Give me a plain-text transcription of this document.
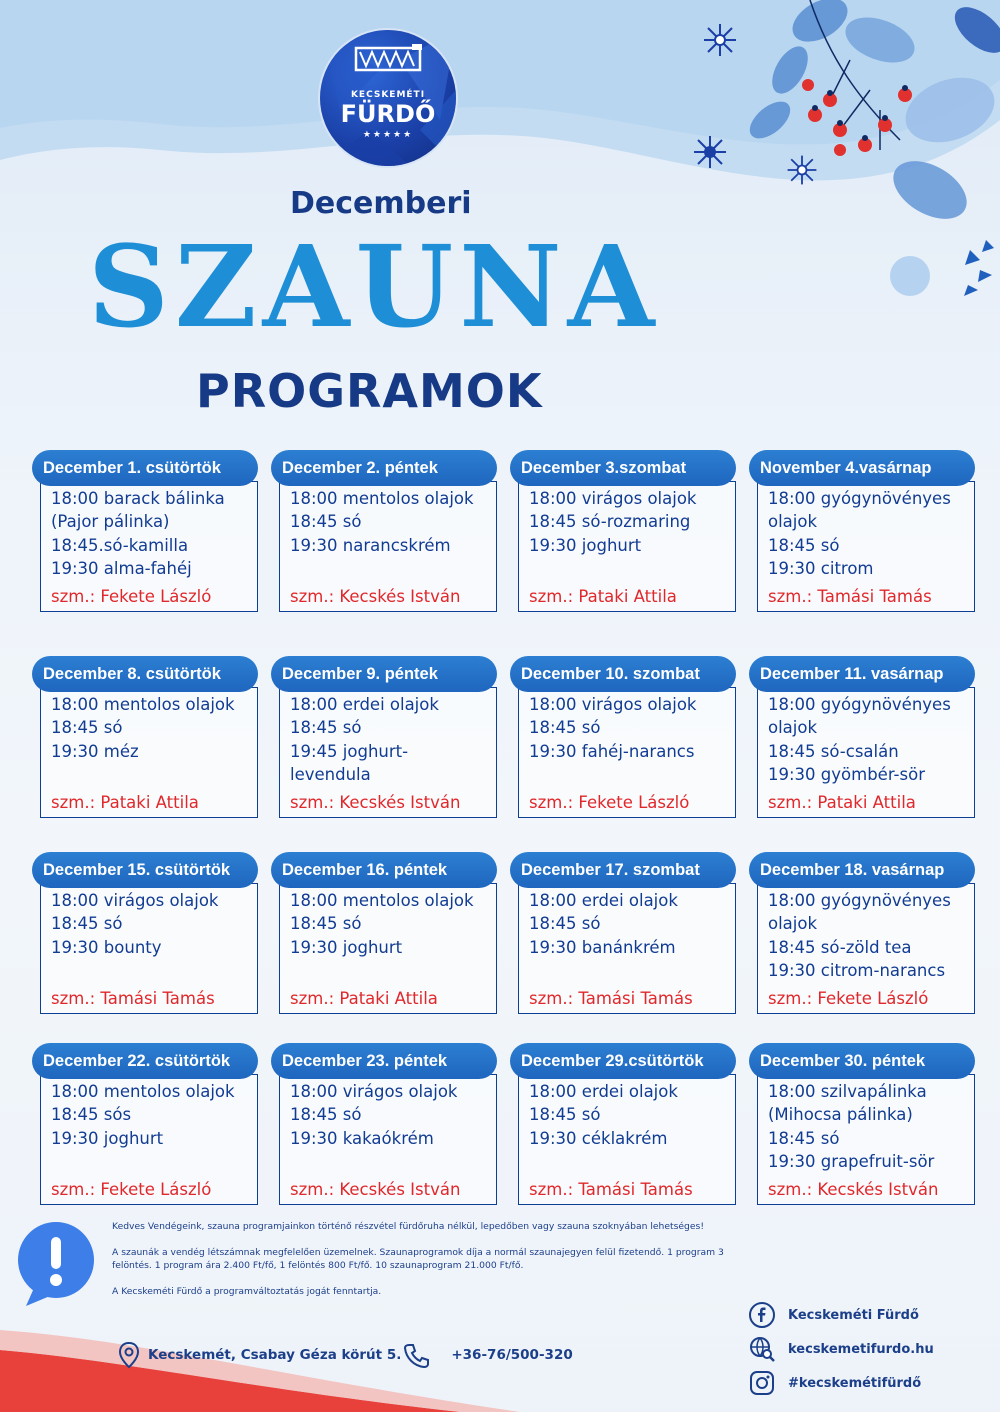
KECSKEMÉTI
FÜRDŐ
★★★★★
Decemberi
SZAUNA
PROGRAMOK
December 1. csütörtök
18:00 barack bálinka
(Pajor pálinka)
18:45.só-kamilla
19:30 alma-fahéj
szm.: Fekete László
December 2. péntek
18:00 mentolos olajok
18:45 só
19:30 narancskrém
szm.: Kecskés István
December 3.szombat
18:00 virágos olajok
18:45 só-rozmaring
19:30 joghurt
szm.: Pataki Attila
November 4.vasárnap
18:00 gyógynövényes
olajok
18:45 só
19:30 citrom
szm.: Tamási Tamás
December 8. csütörtök
18:00 mentolos olajok
18:45 só
19:30 méz
szm.: Pataki Attila
December 9. péntek
18:00 erdei olajok
18:45 só
19:45 joghurt-
levendula
szm.: Kecskés István
December 10. szombat
18:00 virágos olajok
18:45 só
19:30 fahéj-narancs
szm.: Fekete László
December 11. vasárnap
18:00 gyógynövényes
olajok
18:45 só-csalán
19:30 gyömbér-sör
szm.: Pataki Attila
December 15. csütörtök
18:00 virágos olajok
18:45 só
19:30 bounty
szm.: Tamási Tamás
December 16. péntek
18:00 mentolos olajok
18:45 só
19:30 joghurt
szm.: Pataki Attila
December 17. szombat
18:00 erdei olajok
18:45 só
19:30 banánkrém
szm.: Tamási Tamás
December 18. vasárnap
18:00 gyógynövényes
olajok
18:45 só-zöld tea
19:30 citrom-narancs
szm.: Fekete László
December 22. csütörtök
18:00 mentolos olajok
18:45 sós
19:30 joghurt
szm.: Fekete László
December 23. péntek
18:00 virágos olajok
18:45 só
19:30 kakaókrém
szm.: Kecskés István
December 29.csütörtök
18:00 erdei olajok
18:45 só
19:30 céklakrém
szm.: Tamási Tamás
December 30. péntek
18:00 szilvapálinka
(Mihocsa pálinka)
18:45 só
19:30 grapefruit-sör
szm.: Kecskés István

Kedves Vendégeink, szauna programjainkon történő részvétel fürdőruha nélkül, lepedőben vagy szauna szoknyában lehetséges!

A szaunák a vendég létszámnak megfelelően üzemelnek. Szaunaprogramok díja a normál szaunajegyen felül fizetendő. 1 program 3 felöntés. 1 program ára 2.400 Ft/fő, 1 felöntés 800 Ft/fő. 10 szaunaprogram 21.000 Ft/fő.

A Kecskeméti Fürdő a programváltoztatás jogát fenntartja.

Kecskemét, Csabay Géza körút 5.	+36-76/500-320
Kecskeméti Fürdő
kecskemetifurdo.hu
#kecskemétifürdő
